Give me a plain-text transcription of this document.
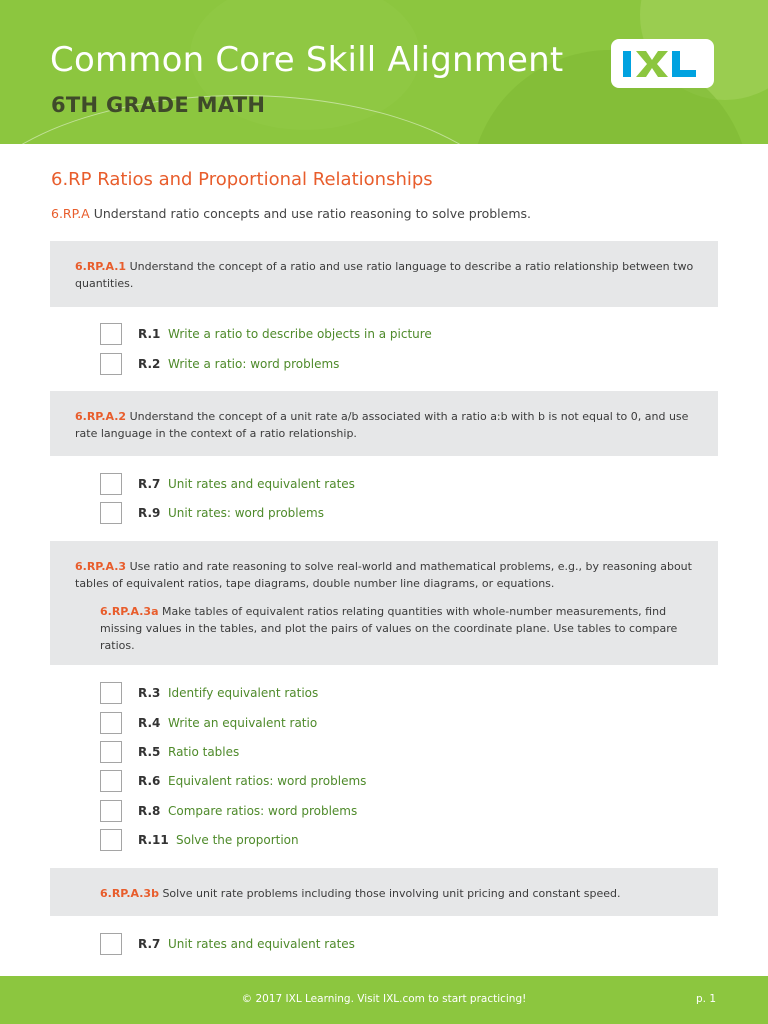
Common Core Skill Alignment
6TH GRADE MATH
6.RP Ratios and Proportional Relationships
6.RP.A Understand ratio concepts and use ratio reasoning to solve problems.
6.RP.A.1 Understand the concept of a ratio and use ratio language to describe a ratio relationship between two quantities.
R.1 Write a ratio to describe objects in a picture
R.2 Write a ratio: word problems
6.RP.A.2 Understand the concept of a unit rate a/b associated with a ratio a:b with b is not equal to 0, and use rate language in the context of a ratio relationship.
R.7 Unit rates and equivalent rates
R.9 Unit rates: word problems
6.RP.A.3 Use ratio and rate reasoning to solve real-world and mathematical problems, e.g., by reasoning about tables of equivalent ratios, tape diagrams, double number line diagrams, or equations.
6.RP.A.3a Make tables of equivalent ratios relating quantities with whole-number measurements, find missing values in the tables, and plot the pairs of values on the coordinate plane. Use tables to compare ratios.
R.3 Identify equivalent ratios
R.4 Write an equivalent ratio
R.5 Ratio tables
R.6 Equivalent ratios: word problems
R.8 Compare ratios: word problems
R.11 Solve the proportion
6.RP.A.3b Solve unit rate problems including those involving unit pricing and constant speed.
R.7 Unit rates and equivalent rates
© 2017 IXL Learning. Visit IXL.com to start practicing!	p. 1
